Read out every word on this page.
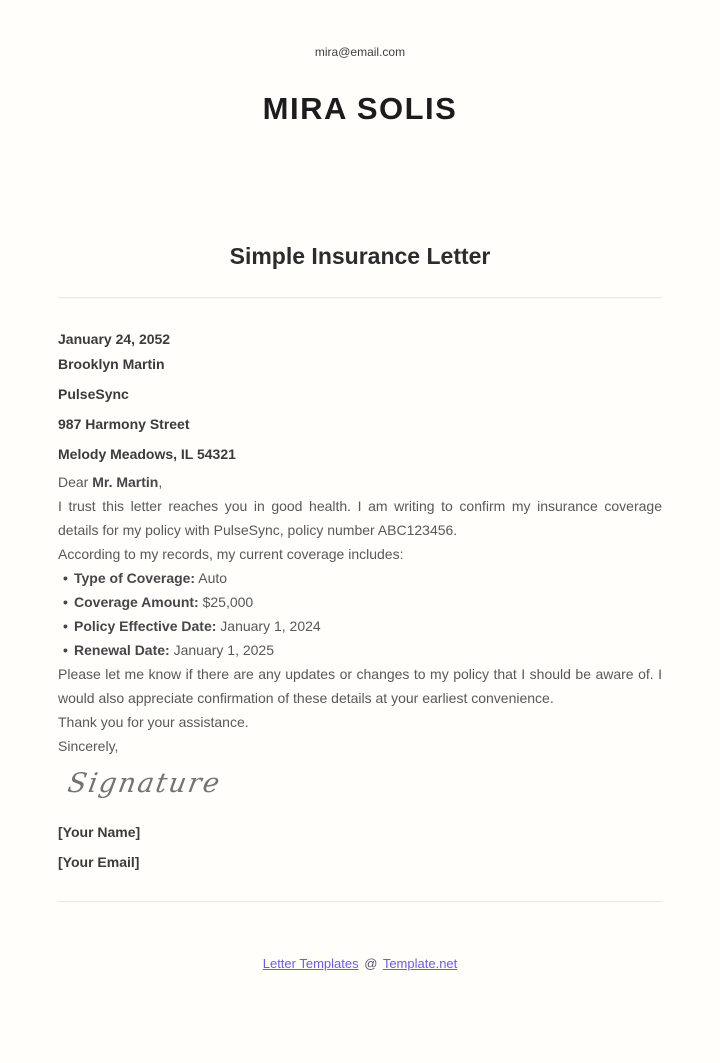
mira@email.com
MIRA SOLIS
Simple Insurance Letter

January 24, 2052

Brooklyn Martin

PulseSync

987 Harmony Street

Melody Meadows, IL 54321

Dear Mr. Martin,

I trust this letter reaches you in good health. I am writing to confirm my insurance coverage details for my policy with PulseSync, policy number ABC123456.

According to my records, my current coverage includes:

• Type of Coverage: Auto
• Coverage Amount: $25,000
• Policy Effective Date: January 1, 2024
• Renewal Date: January 1, 2025

Please let me know if there are any updates or changes to my policy that I should be aware of. I would also appreciate confirmation of these details at your earliest convenience.

Thank you for your assistance.

Sincerely,

Signature

[Your Name]

[Your Email]

Letter Templates @ Template.net
